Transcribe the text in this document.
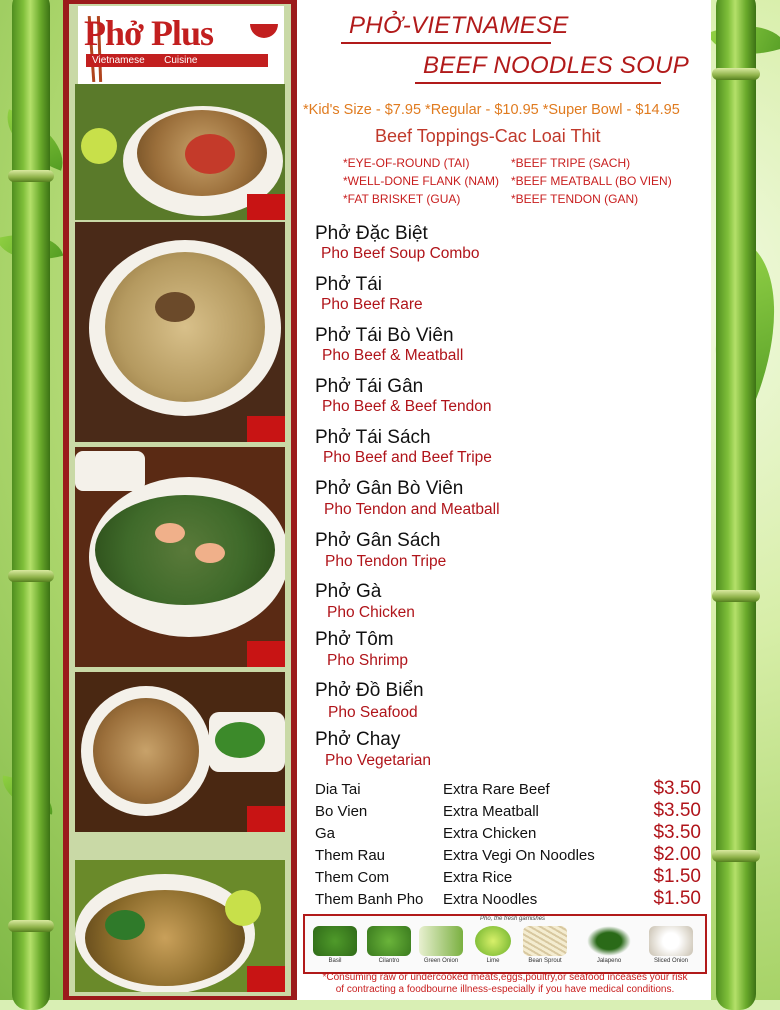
Phở Plus
Vietnamese Cuisine
PHỞ-VIETNAMESE
BEEF NOODLES SOUP
*Kid's Size - $7.95 *Regular - $10.95 *Super Bowl - $14.95
Beef Toppings-Cac Loai Thit
*EYE-OF-ROUND (TAI)
*WELL-DONE FLANK (NAM)
*FAT BRISKET (GUA)
*BEEF TRIPE (SACH)
*BEEF MEATBALL (BO VIEN)
*BEEF TENDON (GAN)
Phở Đặc Biệt
Pho Beef Soup Combo
Phở Tái
Pho Beef Rare
Phở Tái Bò Viên
Pho Beef & Meatball
Phở Tái Gân
Pho Beef & Beef Tendon
Phở Tái Sách
Pho Beef and Beef Tripe
Phở Gân Bò Viên
Pho Tendon and Meatball
Phở Gân Sách
Pho Tendon Tripe
Phở Gà
Pho Chicken
Phở Tôm
Pho Shrimp
Phở Đồ Biển
Pho Seafood
Phở Chay
Pho Vegetarian
Dia Tai	Extra Rare Beef	$3.50
Bo Vien	Extra Meatball	$3.50
Ga	Extra Chicken	$3.50
Them Rau	Extra Vegi On Noodles	$2.00
Them Com	Extra Rice	$1.50
Them Banh Pho Extra Noodles	$1.50
Pho, the fresh garnishes
Basil	Cilantro	Green Onion	Lime	Bean Sprout	Jalapeno	Sliced Onion
*Consuming raw or undercooked meats,eggs,poultry,or seafood inceases your risk
of contracting a foodbourne illness-especially if you have medical conditions.
